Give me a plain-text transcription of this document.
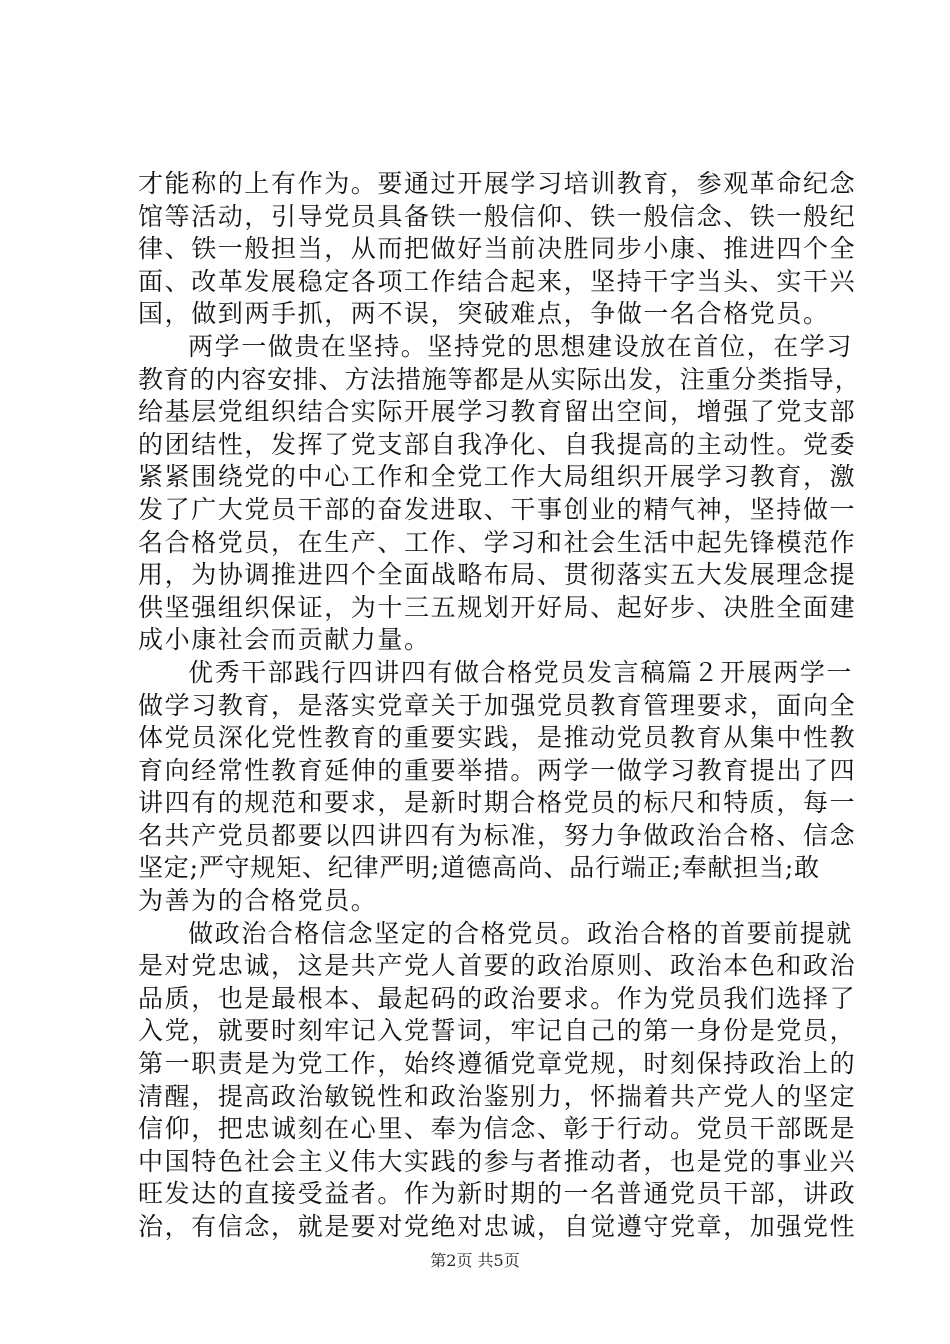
才能称的上有作为。要通过开展学习培训教育，参观革命纪念
馆等活动，引导党员具备铁一般信仰、铁一般信念、铁一般纪
律、铁一般担当，从而把做好当前决胜同步小康、推进四个全
面、改革发展稳定各项工作结合起来，坚持干字当头、实干兴
国，做到两手抓，两不误，突破难点，争做一名合格党员。
两学一做贵在坚持。坚持党的思想建设放在首位，在学习
教育的内容安排、方法措施等都是从实际出发，注重分类指导，
给基层党组织结合实际开展学习教育留出空间，增强了党支部
的团结性，发挥了党支部自我净化、自我提高的主动性。党委
紧紧围绕党的中心工作和全党工作大局组织开展学习教育，激
发了广大党员干部的奋发进取、干事创业的精气神，坚持做一
名合格党员，在生产、工作、学习和社会生活中起先锋模范作
用，为协调推进四个全面战略布局、贯彻落实五大发展理念提
供坚强组织保证，为十三五规划开好局、起好步、决胜全面建
成小康社会而贡献力量。
优秀干部践行四讲四有做合格党员发言稿篇２开展两学一
做学习教育，是落实党章关于加强党员教育管理要求，面向全
体党员深化党性教育的重要实践，是推动党员教育从集中性教
育向经常性教育延伸的重要举措。两学一做学习教育提出了四
讲四有的规范和要求，是新时期合格党员的标尺和特质，每一
名共产党员都要以四讲四有为标准，努力争做政治合格、信念
坚定;严守规矩、纪律严明;道德高尚、品行端正;奉献担当;敢
为善为的合格党员。
做政治合格信念坚定的合格党员。政治合格的首要前提就
是对党忠诚，这是共产党人首要的政治原则、政治本色和政治
品质，也是最根本、最起码的政治要求。作为党员我们选择了
入党，就要时刻牢记入党誓词，牢记自己的第一身份是党员，
第一职责是为党工作，始终遵循党章党规，时刻保持政治上的
清醒，提高政治敏锐性和政治鉴别力，怀揣着共产党人的坚定
信仰，把忠诚刻在心里、奉为信念、彰于行动。党员干部既是
中国特色社会主义伟大实践的参与者推动者，也是党的事业兴
旺发达的直接受益者。作为新时期的一名普通党员干部，讲政
治，有信念，就是要对党绝对忠诚，自觉遵守党章，加强党性
第2页 共5页
